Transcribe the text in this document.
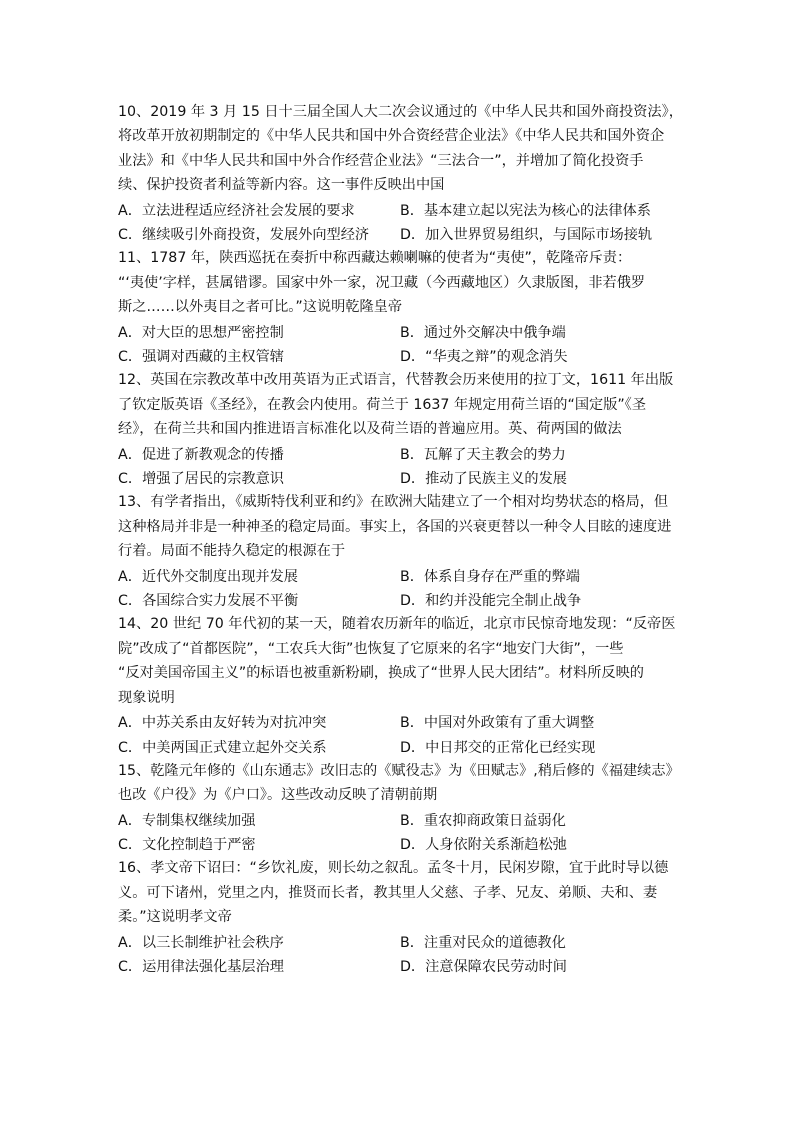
10、2019 年 3 月 15 日十三届全国人大二次会议通过的《中华人民共和国外商投资法》，
将改革开放初期制定的《中华人民共和国中外合资经营企业法》《中华人民共和国外资企
业法》和《中华人民共和国中外合作经营企业法》“三法合一”，并增加了简化投资手
续、保护投资者利益等新内容。这一事件反映出中国
A．立法进程适应经济社会发展的要求	B．基本建立起以宪法为核心的法律体系
C．继续吸引外商投资，发展外向型经济	D．加入世界贸易组织，与国际市场接轨
11、1787 年，陕西巡抚在奏折中称西藏达赖喇嘛的使者为“夷使”，乾隆帝斥责：
“‘夷使’字样，甚属错谬。国家中外一家，况卫藏（今西藏地区）久隶版图，非若俄罗
斯之……以外夷目之者可比。”这说明乾隆皇帝
A．对大臣的思想严密控制	B．通过外交解决中俄争端
C．强调对西藏的主权管辖	D．“华夷之辩”的观念消失
12、英国在宗教改革中改用英语为正式语言，代替教会历来使用的拉丁文，1611 年出版
了钦定版英语《圣经》，在教会内使用。荷兰于 1637 年规定用荷兰语的“国定版”《圣
经》，在荷兰共和国内推进语言标准化以及荷兰语的普遍应用。英、荷两国的做法
A．促进了新教观念的传播	B．瓦解了天主教会的势力
C．增强了居民的宗教意识	D．推动了民族主义的发展
13、有学者指出，《威斯特伐利亚和约》在欧洲大陆建立了一个相对均势状态的格局，但
这种格局并非是一种神圣的稳定局面。事实上，各国的兴衰更替以一种令人目眩的速度进
行着。局面不能持久稳定的根源在于
A．近代外交制度出现并发展	B．体系自身存在严重的弊端
C．各国综合实力发展不平衡	D．和约并没能完全制止战争
14、20 世纪 70 年代初的某一天，随着农历新年的临近，北京市民惊奇地发现：“反帝医
院”改成了“首都医院”，“工农兵大街”也恢复了它原来的名字“地安门大街”，一些
“反对美国帝国主义”的标语也被重新粉刷，换成了“世界人民大团结”。材料所反映的
现象说明
A．中苏关系由友好转为对抗冲突	B．中国对外政策有了重大调整
C．中美两国正式建立起外交关系	D．中日邦交的正常化已经实现
15、乾隆元年修的《山东通志》改旧志的《赋役志》为《田赋志》,稍后修的《福建续志》
也改《户役》为《户口》。这些改动反映了清朝前期
A．专制集权继续加强	B．重农抑商政策日益弱化
C．文化控制趋于严密	D．人身依附关系渐趋松弛
16、孝文帝下诏曰：“乡饮礼废，则长幼之叙乱。孟冬十月，民闲岁隙，宜于此时导以德
义。可下诸州，党里之内，推贤而长者，教其里人父慈、子孝、兄友、弟顺、夫和、妻
柔。”这说明孝文帝
A．以三长制维护社会秩序	B．注重对民众的道德教化
C．运用律法强化基层治理	D．注意保障农民劳动时间
